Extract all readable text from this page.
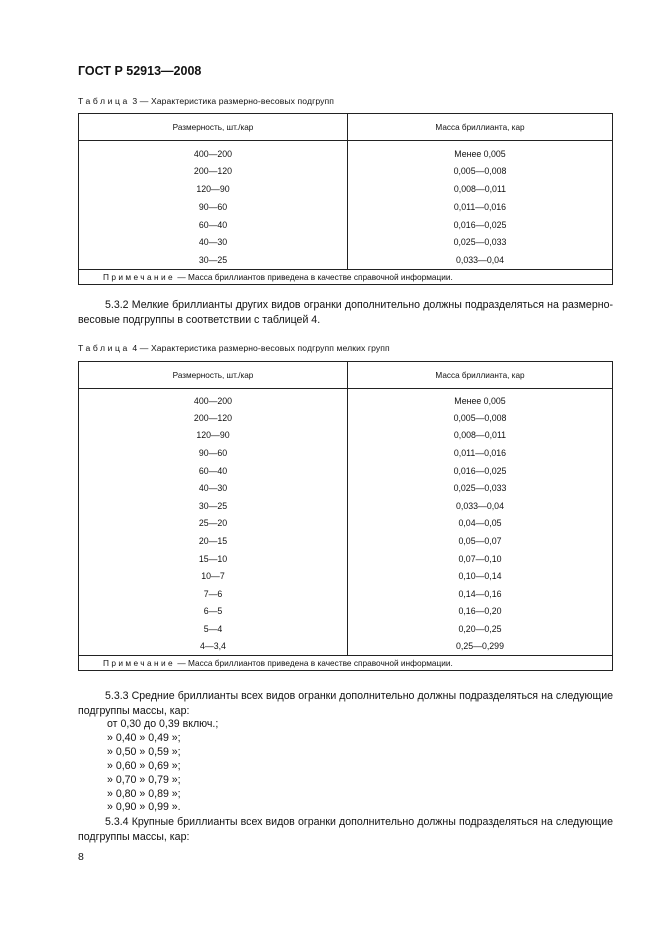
ГОСТ Р 52913—2008
Таблица 3 — Характеристика размерно-весовых подгрупп
Размерность, шт./кар	Масса бриллианта, кар
400—200	Менее 0,005
200—120	0,005—0,008
120—90	0,008—0,011
90—60	0,011—0,016
60—40	0,016—0,025
40—30	0,025—0,033
30—25	0,033—0,04
Примечание — Масса бриллиантов приведена в качестве справочной информации.	
5.3.2 Мелкие бриллианты других видов огранки дополнительно должны подразделяться на размерно-весовые подгруппы в соответствии с таблицей 4.
Таблица 4 — Характеристика размерно-весовых подгрупп мелких групп
Размерность, шт./кар	Масса бриллианта, кар
400—200	Менее 0,005
200—120	0,005—0,008
120—90	0,008—0,011
90—60	0,011—0,016
60—40	0,016—0,025
40—30	0,025—0,033
30—25	0,033—0,04
25—20	0,04—0,05
20—15	0,05—0,07
15—10	0,07—0,10
10—7	0,10—0,14
7—6	0,14—0,16
6—5	0,16—0,20
5—4	0,20—0,25
4—3,4	0,25—0,299
Примечание — Масса бриллиантов приведена в качестве справочной информации.	
5.3.3 Средние бриллианты всех видов огранки дополнительно должны подразделяться на следующие подгруппы массы, кар:
от 0,30 до 0,39 включ.;
» 0,40 » 0,49 »;
» 0,50 » 0,59 »;
» 0,60 » 0,69 »;
» 0,70 » 0,79 »;
» 0,80 » 0,89 »;
» 0,90 » 0,99 ».
5.3.4 Крупные бриллианты всех видов огранки дополнительно должны подразделяться на следующие подгруппы массы, кар:
8
